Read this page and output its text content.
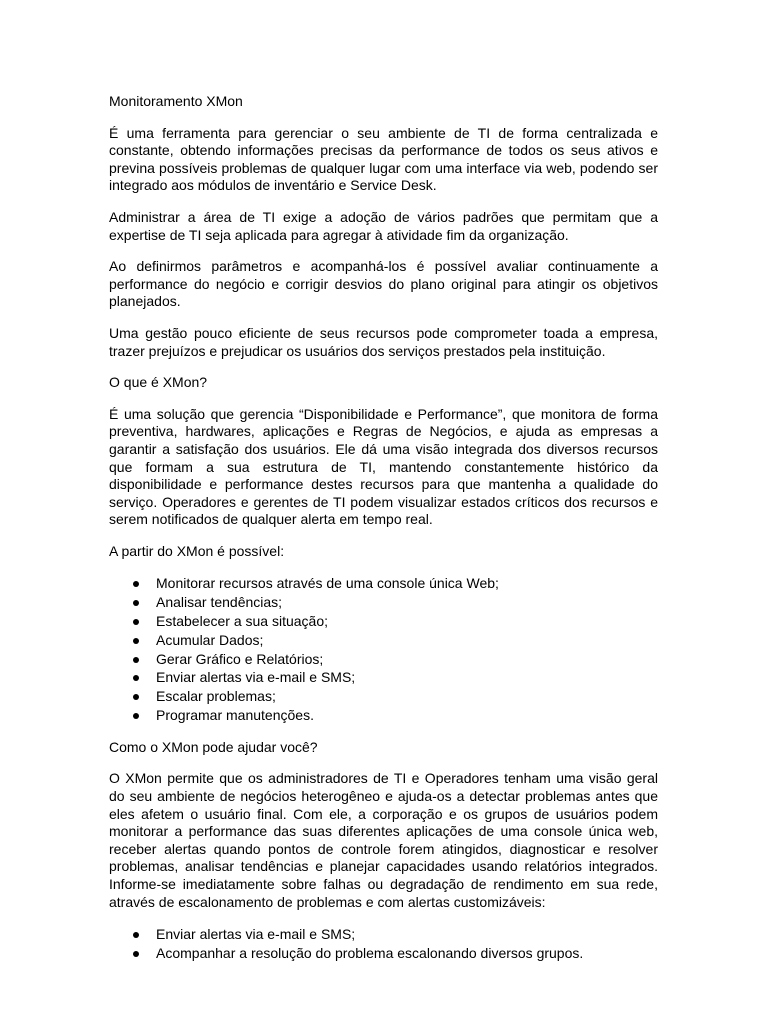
Monitoramento XMon

É uma ferramenta para gerenciar o seu ambiente de TI de forma centralizada e constante, obtendo informações precisas da performance de todos os seus ativos e previna possíveis problemas de qualquer lugar com uma interface via web, podendo ser integrado aos módulos de inventário e Service Desk.

Administrar a área de TI exige a adoção de vários padrões que permitam que a expertise de TI seja aplicada para agregar à atividade fim da organização.

Ao definirmos parâmetros e acompanhá-los é possível avaliar continuamente a performance do negócio e corrigir desvios do plano original para atingir os objetivos planejados.

Uma gestão pouco eficiente de seus recursos pode comprometer toada a empresa, trazer prejuízos e prejudicar os usuários dos serviços prestados pela instituição.

O que é XMon?

É uma solução que gerencia “Disponibilidade e Performance”, que monitora de forma preventiva, hardwares, aplicações e Regras de Negócios, e ajuda as empresas a garantir a satisfação dos usuários. Ele dá uma visão integrada dos diversos recursos que formam a sua estrutura de TI, mantendo constantemente histórico da disponibilidade e performance destes recursos para que mantenha a qualidade do serviço. Operadores e gerentes de TI podem visualizar estados críticos dos recursos e serem notificados de qualquer alerta em tempo real.

A partir do XMon é possível:

Monitorar recursos através de uma console única Web;
Analisar tendências;
Estabelecer a sua situação;
Acumular Dados;
Gerar Gráfico e Relatórios;
Enviar alertas via e-mail e SMS;
Escalar problemas;
Programar manutenções.

Como o XMon pode ajudar você?

O XMon permite que os administradores de TI e Operadores tenham uma visão geral do seu ambiente de negócios heterogêneo e ajuda-os a detectar problemas antes que eles afetem o usuário final. Com ele, a corporação e os grupos de usuários podem monitorar a performance das suas diferentes aplicações de uma console única web, receber alertas quando pontos de controle forem atingidos, diagnosticar e resolver problemas, analisar tendências e planejar capacidades usando relatórios integrados. Informe-se imediatamente sobre falhas ou degradação de rendimento em sua rede, através de escalonamento de problemas e com alertas customizáveis:

Enviar alertas via e-mail e SMS;
Acompanhar a resolução do problema escalonando diversos grupos.
